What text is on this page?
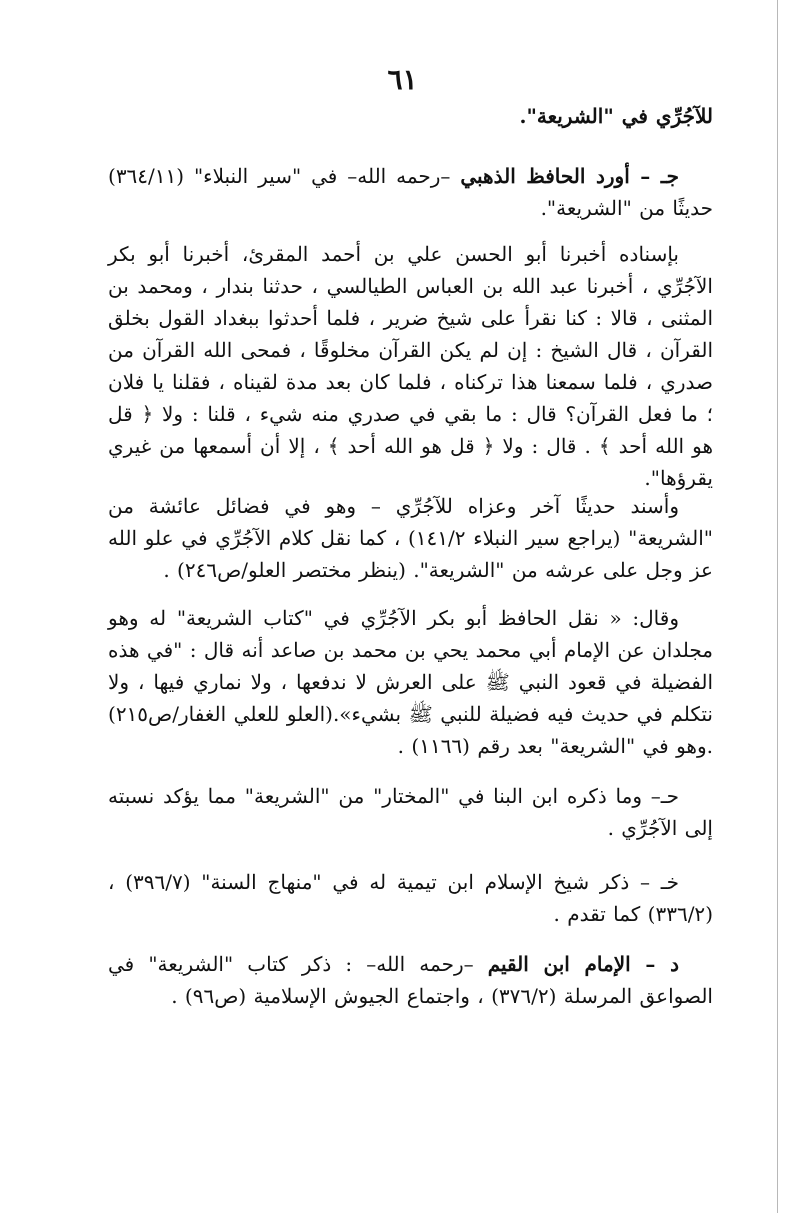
٦١

للآجُرِّي في "الشريعة".

جـ – أورد الحافظ الذهبي –رحمه الله– في "سير النبلاء" (٣٦٤/١١) حديثًا من "الشريعة".

بإسناده أخبرنا أبو الحسن علي بن أحمد المقرئ، أخبرنا أبو بكر الآجُرِّي ، أخبرنا عبد الله بن العباس الطيالسي ، حدثنا بندار ، ومحمد بن المثنى ، قالا : كنا نقرأ على شيخ ضرير ، فلما أحدثوا ببغداد القول بخلق القرآن ، قال الشيخ : إن لم يكن القرآن مخلوقًا ، فمحى الله القرآن من صدري ، فلما سمعنا هذا تركناه ، فلما كان بعد مدة لقيناه ، فقلنا يا فلان ؛ ما فعل القرآن؟ قال : ما بقي في صدري منه شيء ، قلنا : ولا ﴿ قل هو الله أحد ﴾ . قال : ولا ﴿ قل هو الله أحد ﴾ ، إلا أن أسمعها من غيري يقرؤها".

وأسند حديثًا آخر وعزاه للآجُرِّي – وهو في فضائل عائشة من "الشريعة" (يراجع سير النبلاء ١٤١/٢) ، كما نقل كلام الآجُرِّي في علو الله عز وجل على عرشه من "الشريعة". (ينظر مختصر العلو/ص٢٤٦) .

وقال: « نقل الحافظ أبو بكر الآجُرِّي في "كتاب الشريعة" له وهو مجلدان عن الإمام أبي محمد يحي بن محمد بن صاعد أنه قال : "في هذه الفضيلة في قعود النبي ﷺ على العرش لا ندفعها ، ولا نماري فيها ، ولا نتكلم في حديث فيه فضيلة للنبي ﷺ بشيء».(العلو للعلي الغفار/ص٢١٥) .وهو في "الشريعة" بعد رقم (١١٦٦) .

حـ– وما ذكره ابن البنا في "المختار" من "الشريعة" مما يؤكد نسبته إلى الآجُرِّي .

خـ – ذكر شيخ الإسلام ابن تيمية له في "منهاج السنة" (٣٩٦/٧) ، (٣٣٦/٢) كما تقدم .

د – الإمام ابن القيم –رحمه الله– : ذكر كتاب "الشريعة" في الصواعق المرسلة (٣٧٦/٢) ، واجتماع الجيوش الإسلامية (ص٩٦) .
